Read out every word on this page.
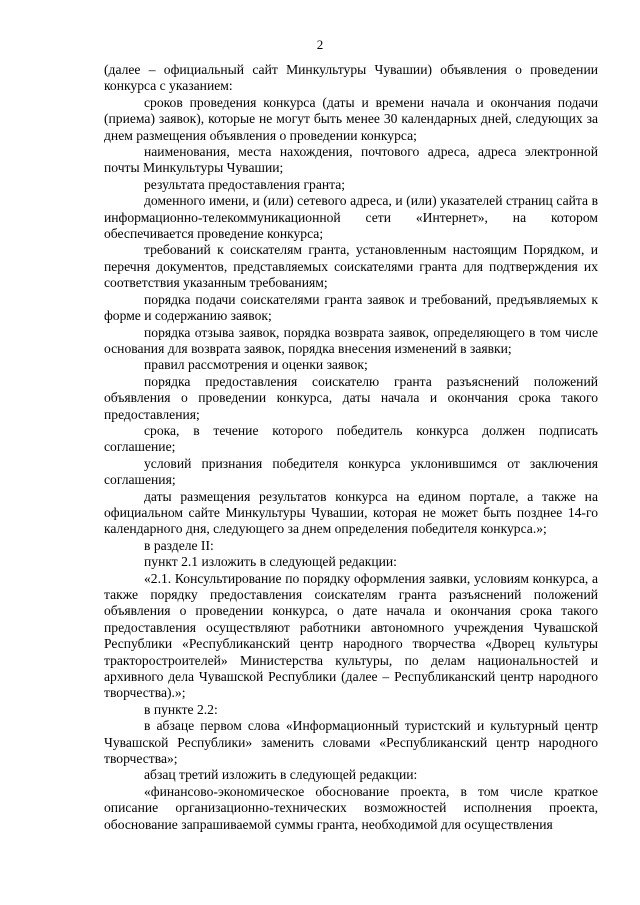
2

(далее – официальный сайт Минкультуры Чувашии) объявления о проведении конкурса с указанием:

сроков проведения конкурса (даты и времени начала и окончания подачи (приема) заявок), которые не могут быть менее 30 календарных дней, следующих за днем размещения объявления о проведении конкурса;

наименования, места нахождения, почтового адреса, адреса электронной почты Минкультуры Чувашии;

результата предоставления гранта;

доменного имени, и (или) сетевого адреса, и (или) указателей страниц сайта в информационно-телекоммуникационной сети «Интернет», на котором обеспечивается проведение конкурса;

требований к соискателям гранта, установленным настоящим Порядком, и перечня документов, представляемых соискателями гранта для подтверждения их соответствия указанным требованиям;

порядка подачи соискателями гранта заявок и требований, предъявляемых к форме и содержанию заявок;

порядка отзыва заявок, порядка возврата заявок, определяющего в том числе основания для возврата заявок, порядка внесения изменений в заявки;

правил рассмотрения и оценки заявок;

порядка предоставления соискателю гранта разъяснений положений объявления о проведении конкурса, даты начала и окончания срока такого предоставления;

срока, в течение которого победитель конкурса должен подписать соглашение;

условий признания победителя конкурса уклонившимся от заключения соглашения;

даты размещения результатов конкурса на едином портале, а также на официальном сайте Минкультуры Чувашии, которая не может быть позднее 14-го календарного дня, следующего за днем определения победителя конкурса.»;

в разделе II:

пункт 2.1 изложить в следующей редакции:

«2.1. Консультирование по порядку оформления заявки, условиям конкурса, а также порядку предоставления соискателям гранта разъяснений положений объявления о проведении конкурса, о дате начала и окончания срока такого предоставления осуществляют работники автономного учреждения Чувашской Республики «Республиканский центр народного творчества «Дворец культуры тракторостроителей» Министерства культуры, по делам национальностей и архивного дела Чувашской Республики (далее – Республиканский центр народного творчества).»;

в пункте 2.2:

в абзаце первом слова «Информационный туристский и культурный центр Чувашской Республики» заменить словами «Республиканский центр народного творчества»;

абзац третий изложить в следующей редакции:

«финансово-экономическое обоснование проекта, в том числе краткое описание организационно-технических возможностей исполнения проекта, обоснование запрашиваемой суммы гранта, необходимой для осуществления
